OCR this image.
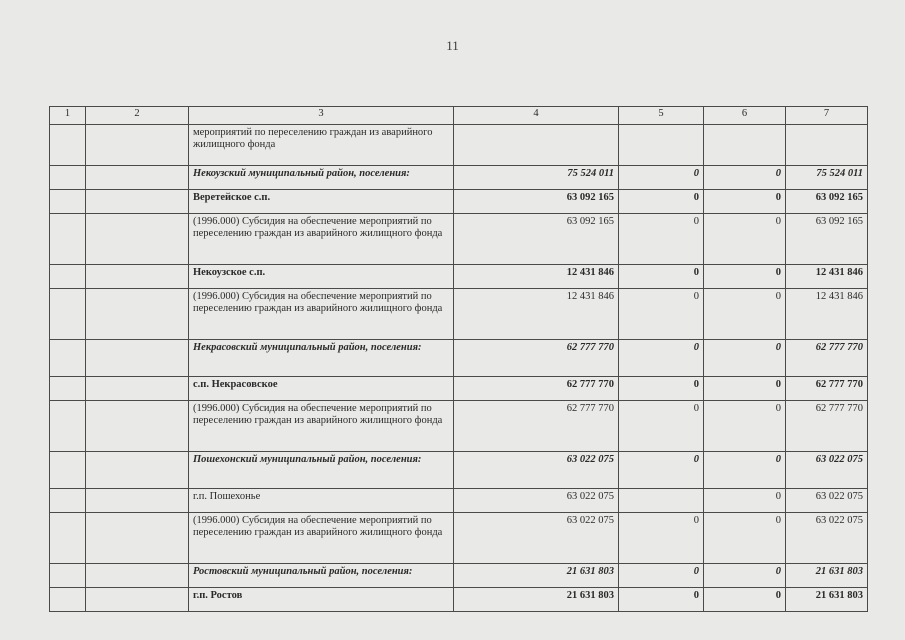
11
1	2	3	4	5	6	7
		мероприятий по переселению граждан из аварийного жилищного фонда				
		Некоузский муниципальный район, поселения:	75 524 011	0	0	75 524 011
		Веретейское с.п.	63 092 165	0	0	63 092 165
		(1996.000) Субсидия на обеспечение мероприятий по переселению граждан из аварийного жилищного фонда	63 092 165	0	0	63 092 165
		Некоузское с.п.	12 431 846	0	0	12 431 846
		(1996.000) Субсидия на обеспечение мероприятий по переселению граждан из аварийного жилищного фонда	12 431 846	0	0	12 431 846
		Некрасовский муниципальный район, поселения:	62 777 770	0	0	62 777 770
		с.п. Некрасовское	62 777 770	0	0	62 777 770
		(1996.000) Субсидия на обеспечение мероприятий по переселению граждан из аварийного жилищного фонда	62 777 770	0	0	62 777 770
		Пошехонский муниципальный район, поселения:	63 022 075	0	0	63 022 075
		г.п. Пошехонье	63 022 075		0	63 022 075
		(1996.000) Субсидия на обеспечение мероприятий по переселению граждан из аварийного жилищного фонда	63 022 075	0	0	63 022 075
		Ростовский муниципальный район, поселения:	21 631 803	0	0	21 631 803
		г.п. Ростов	21 631 803	0	0	21 631 803
